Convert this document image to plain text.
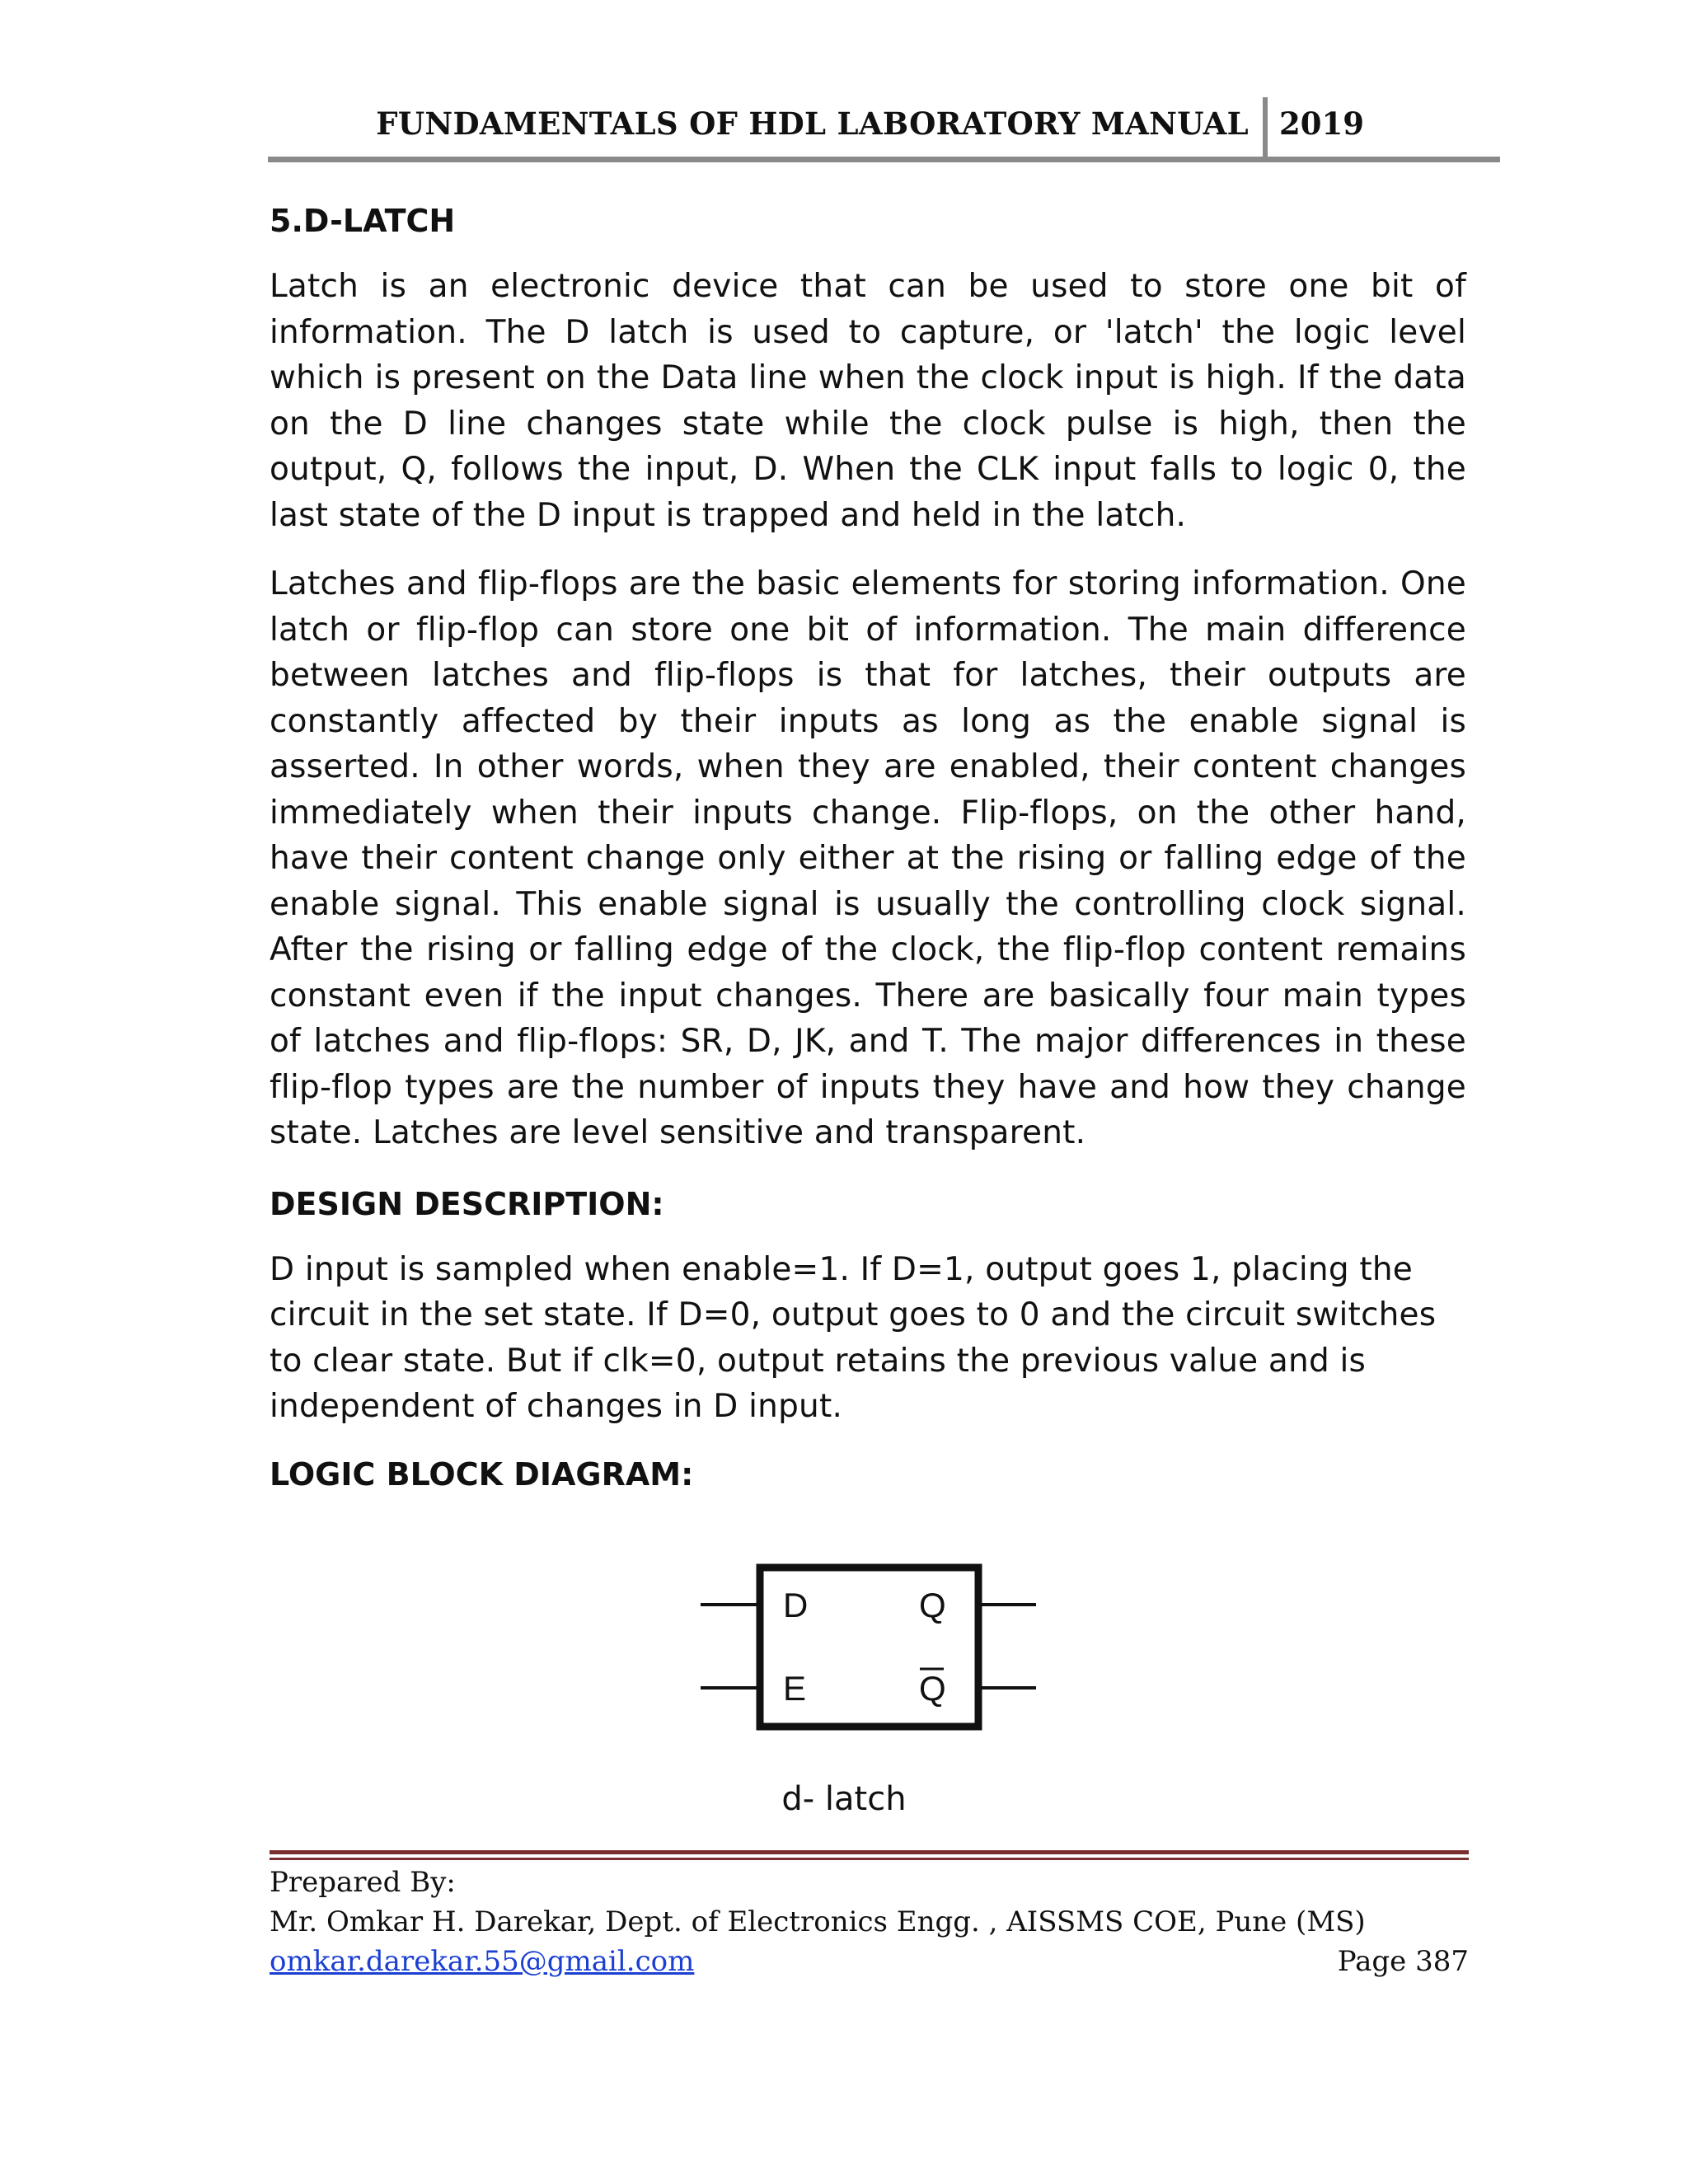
FUNDAMENTALS OF HDL LABORATORY MANUAL 2019
5.D-LATCH

Latch is an electronic device that can be used to store one bit of information. The D latch is used to capture, or 'latch' the logic level which is present on the Data line when the clock input is high. If the data on the D line changes state while the clock pulse is high, then the output, Q, follows the input, D. When the CLK input falls to logic 0, the last state of the D input is trapped and held in the latch.

Latches and flip-flops are the basic elements for storing information. One latch or flip-flop can store one bit of information. The main difference between latches and flip-flops is that for latches, their outputs are constantly affected by their inputs as long as the enable signal is asserted. In other words, when they are enabled, their content changes immediately when their inputs change. Flip-flops, on the other hand, have their content change only either at the rising or falling edge of the enable signal. This enable signal is usually the controlling clock signal. After the rising or falling edge of the clock, the flip-flop content remains constant even if the input changes. There are basically four main types of latches and flip-flops: SR, D, JK, and T. The major differences in these flip-flop types are the number of inputs they have and how they change state. Latches are level sensitive and transparent.

DESIGN DESCRIPTION:

D input is sampled when enable=1. If D=1, output goes 1, placing the circuit in the set state. If D=0, output goes to 0 and the circuit switches to clear state. But if clk=0, output retains the previous value and is independent of changes in D input.

LOGIC BLOCK DIAGRAM:
D
E
Q
Q
d- latch
Prepared By:
Mr. Omkar H. Darekar, Dept. of Electronics Engg. , AISSMS COE, Pune (MS)
omkar.darekar.55@gmail.com	Page 387
